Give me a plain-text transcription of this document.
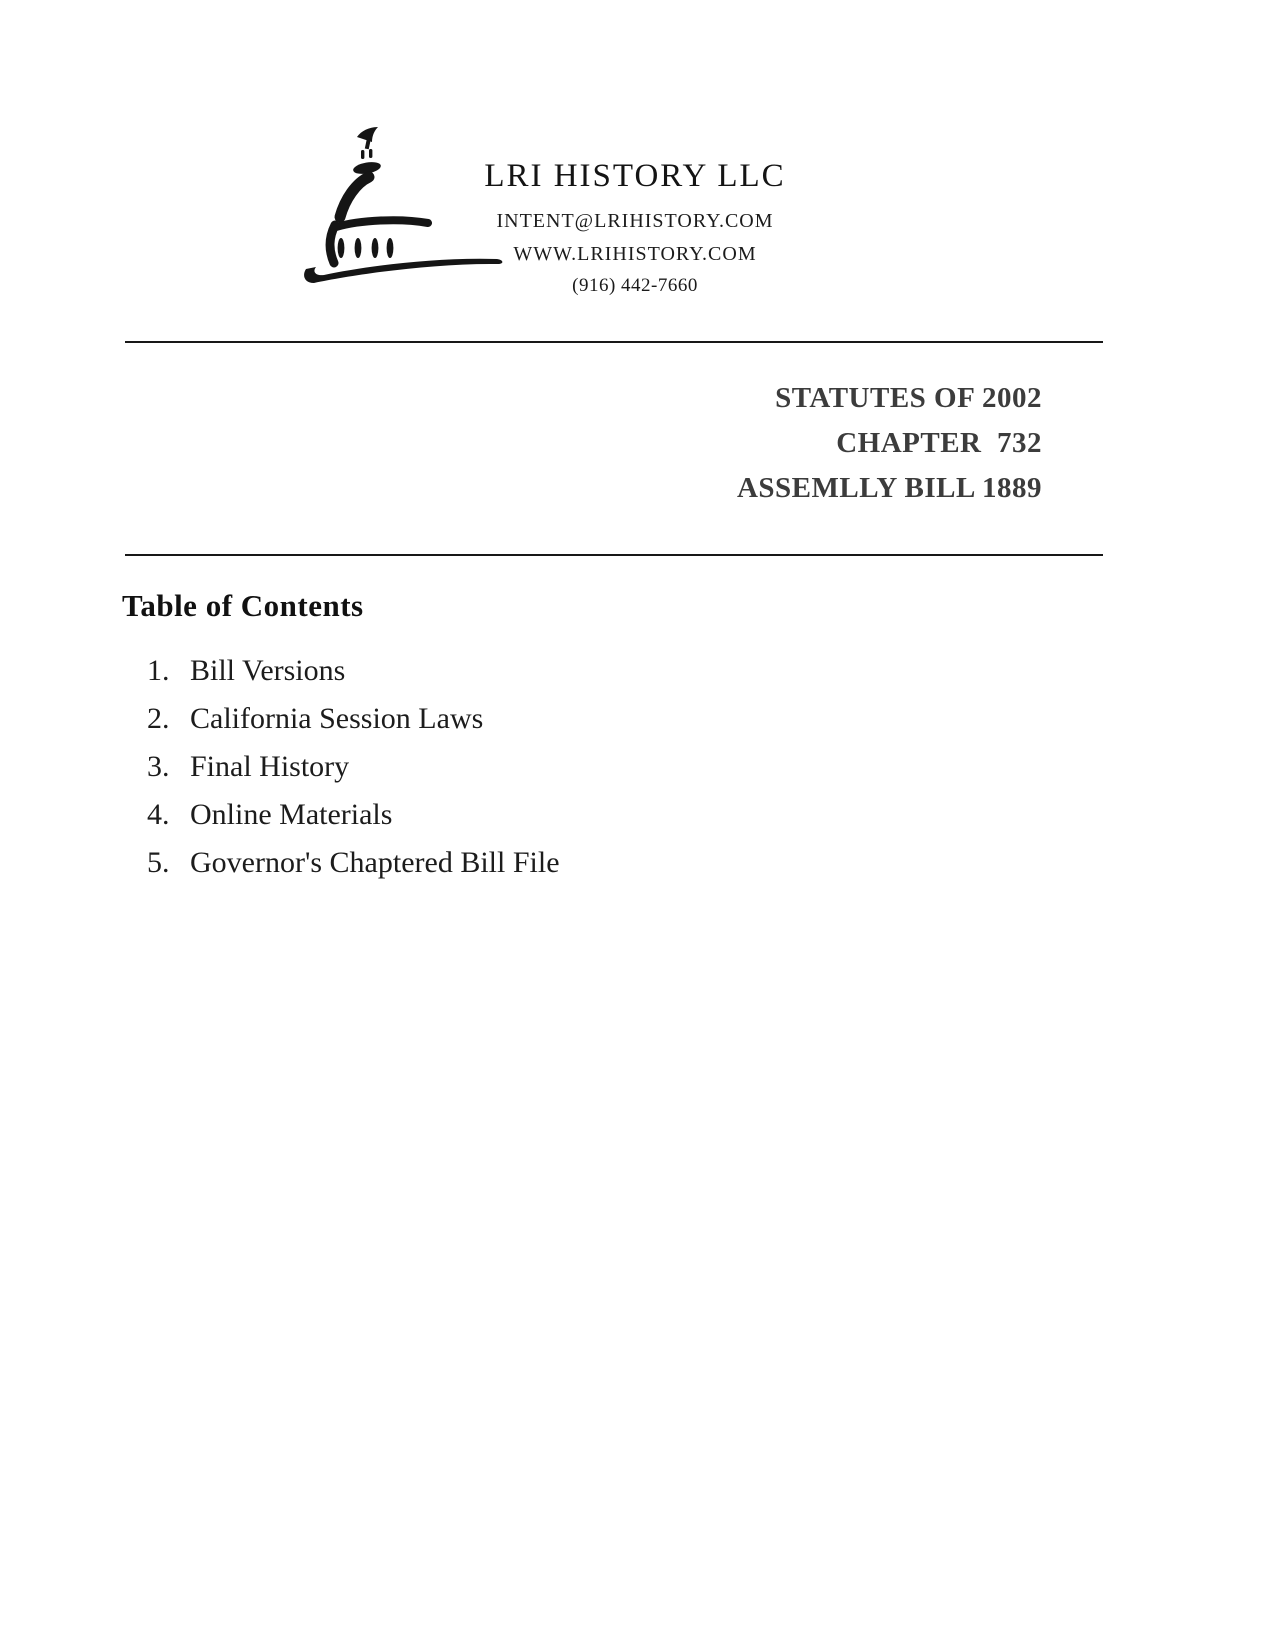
LRI HISTORY LLC
INTENT@LRIHISTORY.COM
WWW.LRIHISTORY.COM
(916) 442-7660
STATUTES OF 2002
CHAPTER  732
ASSEMLLY BILL 1889
Table of Contents
1. Bill Versions
2. California Session Laws
3. Final History
4. Online Materials
5. Governor's Chaptered Bill File
